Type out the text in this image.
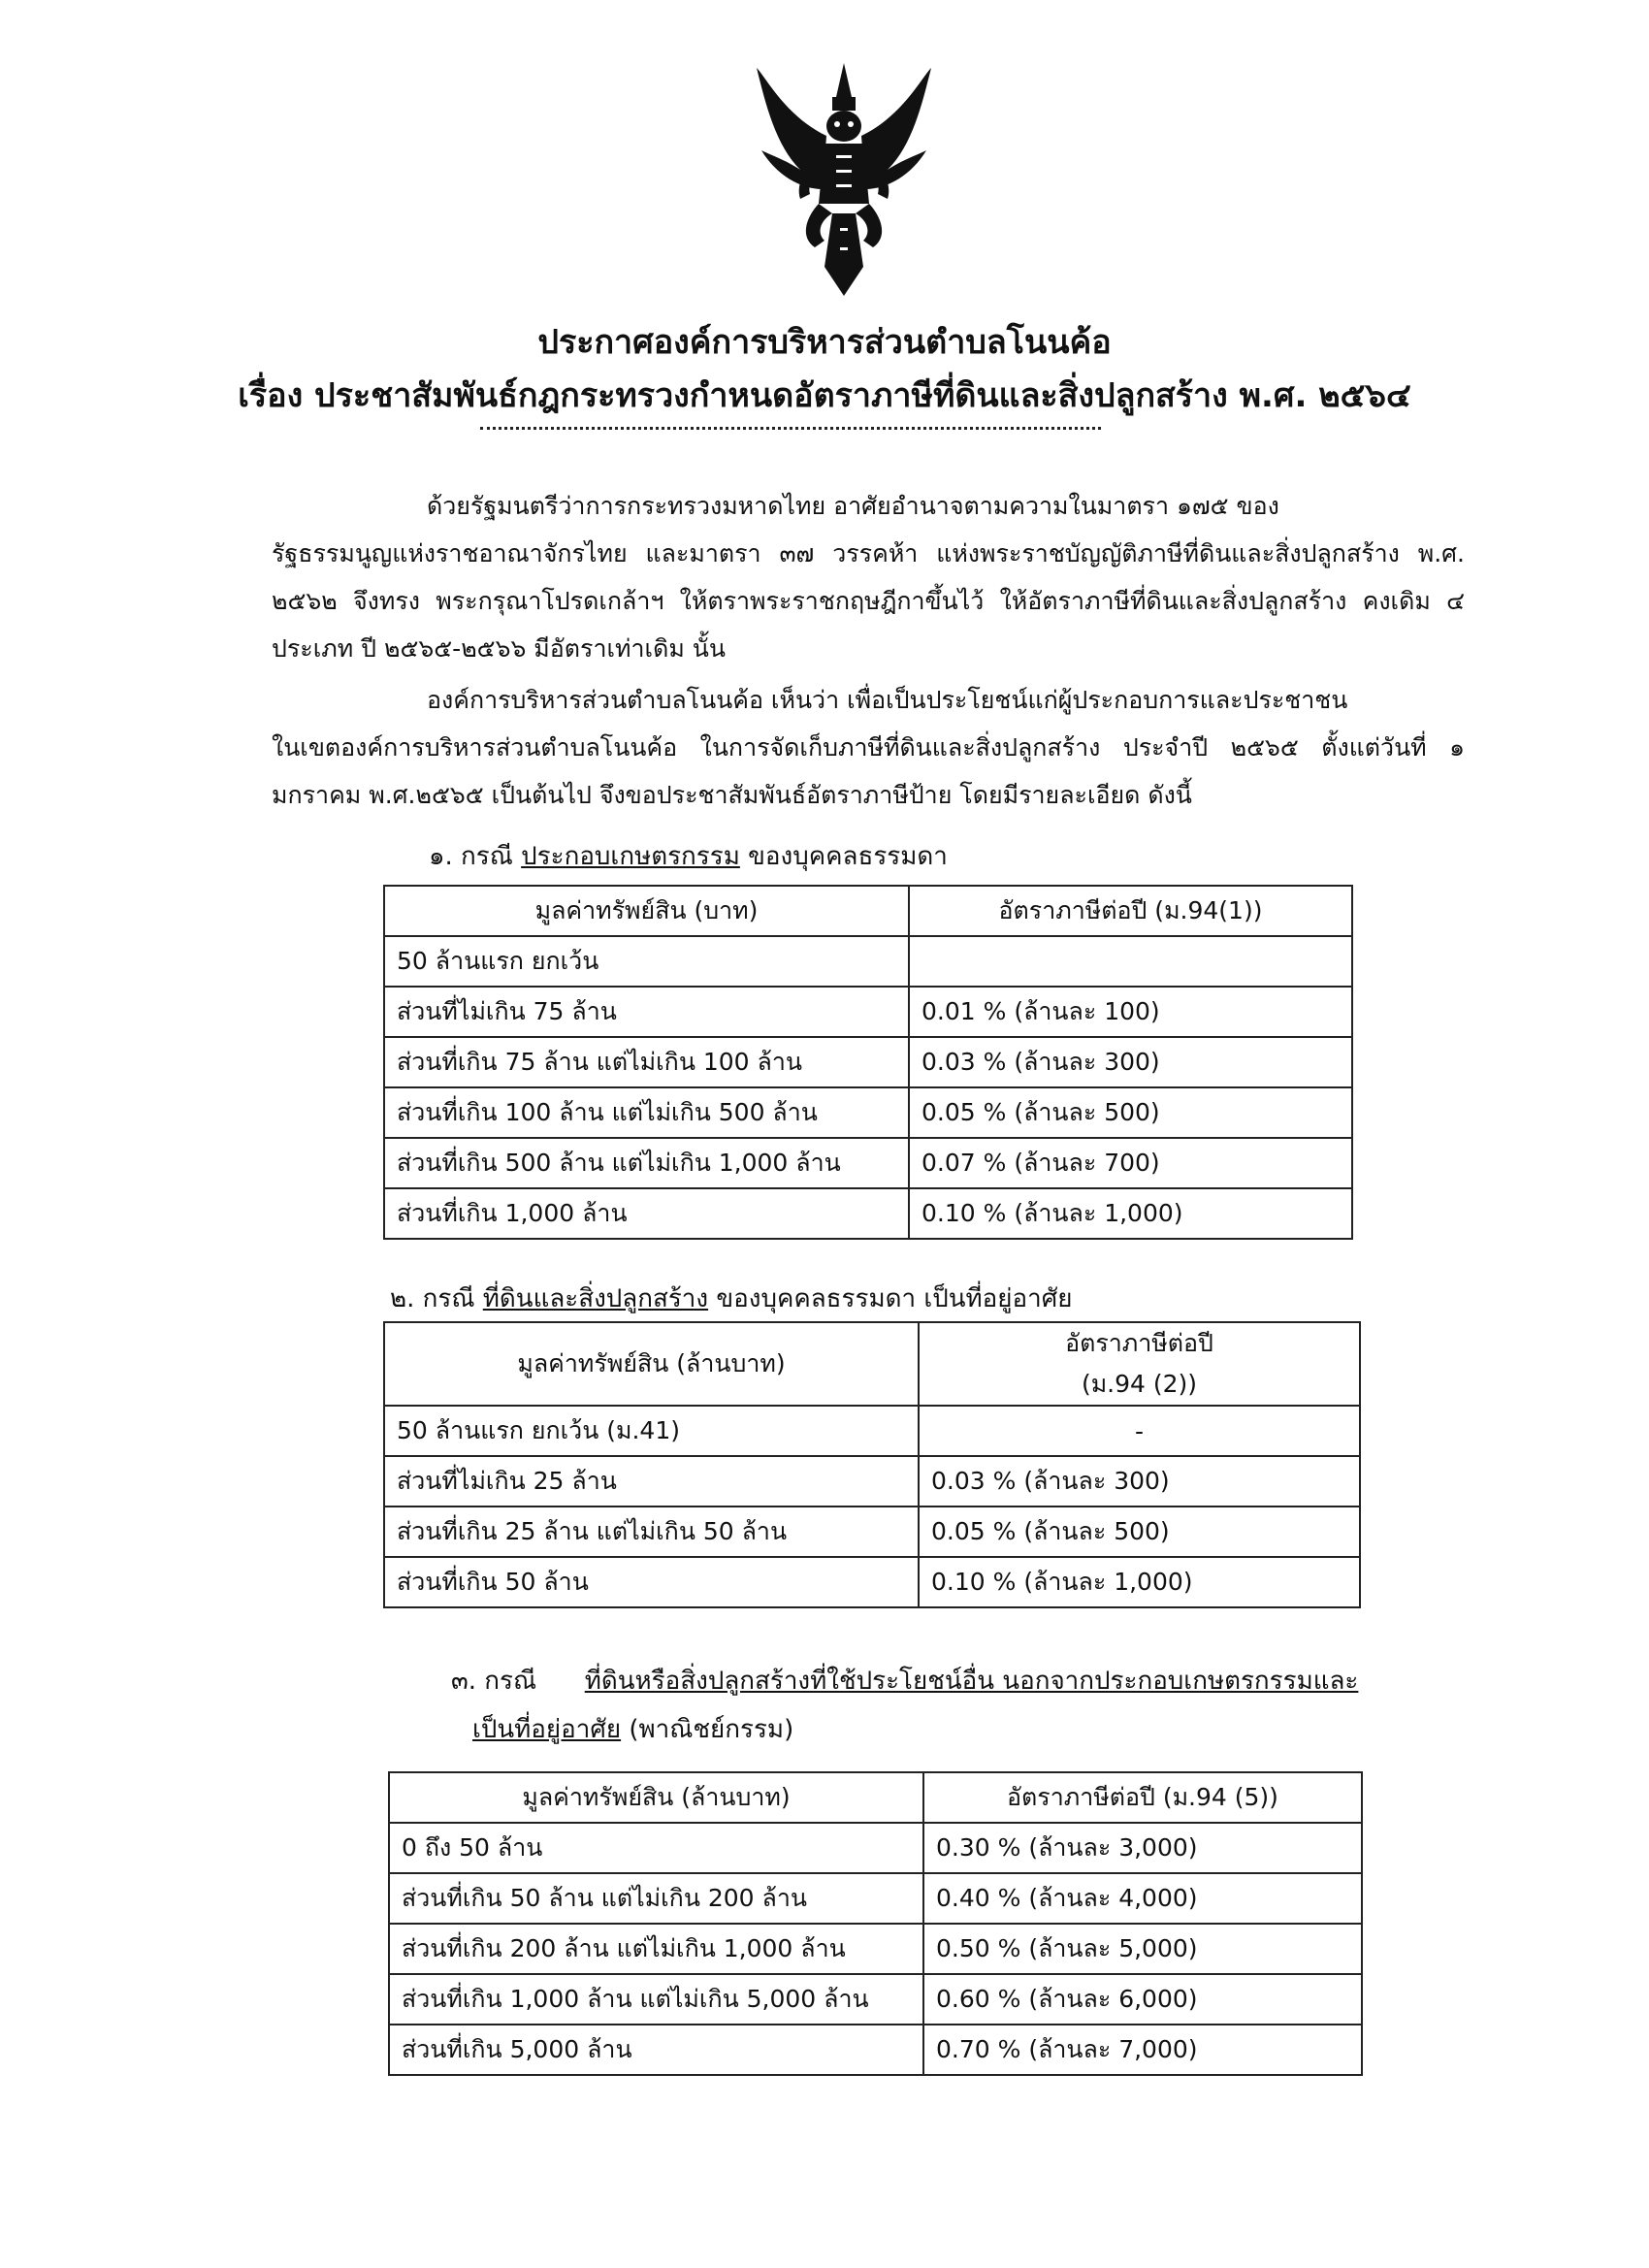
ประกาศองค์การบริหารส่วนตำบลโนนค้อ
เรื่อง ประชาสัมพันธ์กฎกระทรวงกำหนดอัตราภาษีที่ดินและสิ่งปลูกสร้าง พ.ศ. ๒๕๖๔
ด้วยรัฐมนตรีว่าการกระทรวงมหาดไทย อาศัยอำนาจตามความในมาตรา ๑๗๕ ของ
รัฐธรรมนูญแห่งราชอาณาจักรไทย และมาตรา ๓๗ วรรคห้า แห่งพระราชบัญญัติภาษีที่ดินและสิ่งปลูกสร้าง พ.ศ. ๒๕๖๒ จึงทรง พระกรุณาโปรดเกล้าฯ ให้ตราพระราชกฤษฎีกาขึ้นไว้ ให้อัตราภาษีที่ดินและสิ่งปลูกสร้าง คงเดิม ๔ ประเภท ปี ๒๕๖๕-๒๕๖๖ มีอัตราเท่าเดิม นั้น
องค์การบริหารส่วนตำบลโนนค้อ เห็นว่า เพื่อเป็นประโยชน์แก่ผู้ประกอบการและประชาชน
ในเขตองค์การบริหารส่วนตำบลโนนค้อ ในการจัดเก็บภาษีที่ดินและสิ่งปลูกสร้าง ประจำปี ๒๕๖๕ ตั้งแต่วันที่ ๑ มกราคม พ.ศ.๒๕๖๕ เป็นต้นไป จึงขอประชาสัมพันธ์อัตราภาษีป้าย โดยมีรายละเอียด ดังนี้
๑. กรณี ประกอบเกษตรกรรม ของบุคคลธรรมดา
มูลค่าทรัพย์สิน (บาท)	อัตราภาษีต่อปี (ม.94(1))
50 ล้านแรก ยกเว้น	
ส่วนที่ไม่เกิน 75 ล้าน	0.01 % (ล้านละ 100)
ส่วนที่เกิน 75 ล้าน แต่ไม่เกิน 100 ล้าน	0.03 % (ล้านละ 300)
ส่วนที่เกิน 100 ล้าน แต่ไม่เกิน 500 ล้าน	0.05 % (ล้านละ 500)
ส่วนที่เกิน 500 ล้าน แต่ไม่เกิน 1,000 ล้าน	0.07 % (ล้านละ 700)
ส่วนที่เกิน 1,000 ล้าน	0.10 % (ล้านละ 1,000)
๒. กรณี ที่ดินและสิ่งปลูกสร้าง ของบุคคลธรรมดา เป็นที่อยู่อาศัย
มูลค่าทรัพย์สิน (ล้านบาท)	อัตราภาษีต่อปี
(ม.94 (2))
50 ล้านแรก ยกเว้น (ม.41)	-
ส่วนที่ไม่เกิน 25 ล้าน	0.03 % (ล้านละ 300)
ส่วนที่เกิน 25 ล้าน แต่ไม่เกิน 50 ล้าน	0.05 % (ล้านละ 500)
ส่วนที่เกิน 50 ล้าน	0.10 % (ล้านละ 1,000)
๓. กรณี ที่ดินหรือสิ่งปลูกสร้างที่ใช้ประโยชน์อื่น นอกจากประกอบเกษตรกรรมและ
เป็นที่อยู่อาศัย (พาณิชย์กรรม)
มูลค่าทรัพย์สิน (ล้านบาท)	อัตราภาษีต่อปี (ม.94 (5))
0 ถึง 50 ล้าน	0.30 % (ล้านละ 3,000)
ส่วนที่เกิน 50 ล้าน แต่ไม่เกิน 200 ล้าน	0.40 % (ล้านละ 4,000)
ส่วนที่เกิน 200 ล้าน แต่ไม่เกิน 1,000 ล้าน	0.50 % (ล้านละ 5,000)
ส่วนที่เกิน 1,000 ล้าน แต่ไม่เกิน 5,000 ล้าน	0.60 % (ล้านละ 6,000)
ส่วนที่เกิน 5,000 ล้าน	0.70 % (ล้านละ 7,000)
